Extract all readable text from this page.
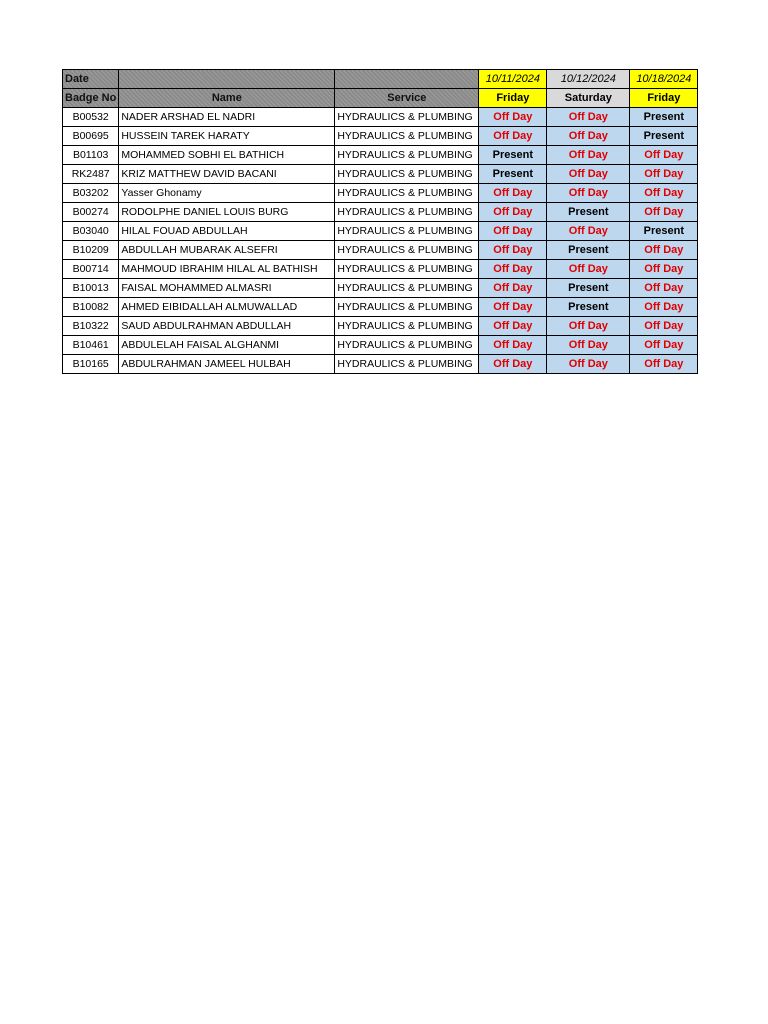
Date			10/11/2024	10/12/2024	10/18/2024
Badge No	Name	Service	Friday	Saturday	Friday
B00532	NADER ARSHAD EL NADRI	HYDRAULICS & PLUMBING	Off Day	Off Day	Present
B00695	HUSSEIN TAREK HARATY	HYDRAULICS & PLUMBING	Off Day	Off Day	Present
B01103	MOHAMMED SOBHI EL BATHICH	HYDRAULICS & PLUMBING	Present	Off Day	Off Day
RK2487	KRIZ MATTHEW DAVID BACANI	HYDRAULICS & PLUMBING	Present	Off Day	Off Day
B03202	Yasser Ghonamy	HYDRAULICS & PLUMBING	Off Day	Off Day	Off Day
B00274	RODOLPHE DANIEL LOUIS BURG	HYDRAULICS & PLUMBING	Off Day	Present	Off Day
B03040	HILAL FOUAD ABDULLAH	HYDRAULICS & PLUMBING	Off Day	Off Day	Present
B10209	ABDULLAH MUBARAK ALSEFRI	HYDRAULICS & PLUMBING	Off Day	Present	Off Day
B00714	MAHMOUD IBRAHIM HILAL AL BATHISH	HYDRAULICS & PLUMBING	Off Day	Off Day	Off Day
B10013	FAISAL MOHAMMED ALMASRI	HYDRAULICS & PLUMBING	Off Day	Present	Off Day
B10082	AHMED EIBIDALLAH ALMUWALLAD	HYDRAULICS & PLUMBING	Off Day	Present	Off Day
B10322	SAUD ABDULRAHMAN ABDULLAH	HYDRAULICS & PLUMBING	Off Day	Off Day	Off Day
B10461	ABDULELAH FAISAL ALGHANMI	HYDRAULICS & PLUMBING	Off Day	Off Day	Off Day
B10165	ABDULRAHMAN JAMEEL HULBAH	HYDRAULICS & PLUMBING	Off Day	Off Day	Off Day
